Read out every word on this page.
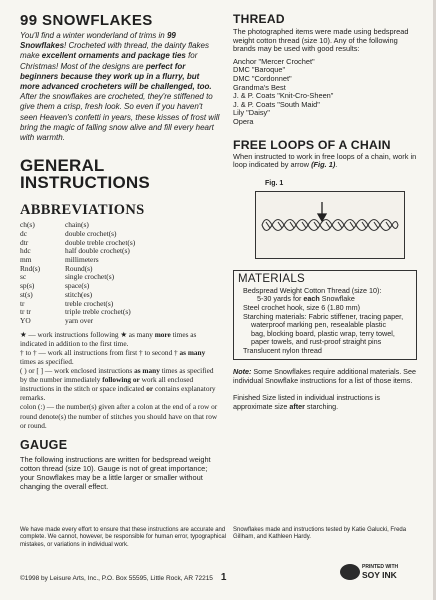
99 SNOWFLAKES

You'll find a winter wonderland of trims in 99 Snowflakes! Crocheted with thread, the dainty flakes make excellent ornaments and package ties for Christmas! Most of the designs are perfect for beginners because they work up in a flurry, but more advanced crocheters will be challenged, too. After the snowflakes are crocheted, they're stiffened to give them a crisp, fresh look. So even if you haven't seen Heaven's confetti in years, these kisses of frost will bring the magic of falling snow alive and fill every heart with warmth.

GENERAL INSTRUCTIONS
ABBREVIATIONS
ch(s)	chain(s)
dc	double crochet(s)
dtr	double treble crochet(s)
hdc	half double crochet(s)
mm	millimeters
Rnd(s)	Round(s)
sc	single crochet(s)
sp(s)	space(s)
st(s)	stitch(es)
tr	treble crochet(s)
tr tr	triple treble crochet(s)
YO	yarn over
★ — work instructions following ★ as many more times as indicated in addition to the first time.
† to † — work all instructions from first † to second † as many times as specified.
( ) or [ ] — work enclosed instructions as many times as specified by the number immediately following or work all enclosed instructions in the stitch or space indicated or contains explanatory remarks.
colon (:) — the number(s) given after a colon at the end of a row or round denote(s) the number of stitches you should have on that row or round.
GAUGE

The following instructions are written for bedspread weight cotton thread (size 10). Gauge is not of great importance; your Snowflakes may be a little larger or smaller without changing the overall effect.

We have made every effort to ensure that these instructions are accurate and complete. We cannot, however, be responsible for human error, typographical mistakes, or variations in individual work.
©1998 by Leisure Arts, Inc., P.O. Box 55595, Little Rock, AR 72215 1
THREAD

The photographed items were made using bedspread weight cotton thread (size 10). Any of the following brands may be used with good results:

Anchor "Mercer Crochet"
DMC "Baroque"
DMC "Cordonnet"
Grandma's Best
J. & P. Coats "Knit-Cro-Sheen"
J. & P. Coats "South Maid"
Lily "Daisy"
Opera
FREE LOOPS OF A CHAIN

When instructed to work in free loops of a chain, work in loop indicated by arrow (Fig. 1).

Fig. 1
MATERIALS
Bedspread Weight Cotton Thread (size 10):
5-30 yards for each Snowflake
Steel crochet hook, size 6 (1.80 mm)
Starching materials: Fabric stiffener, tracing paper,
waterproof marking pen, resealable plastic
bag, blocking board, plastic wrap, terry towel,
paper towels, and rust-proof straight pins
Translucent nylon thread

Note: Some Snowflakes require additional materials. See individual Snowflake instructions for a list of those items.

Finished Size listed in individual instructions is approximate size after starching.

Snowflakes made and instructions tested by Katie Galucki, Freda Gillham, and Kathleen Hardy.
PRINTED WITH
SOY INK
